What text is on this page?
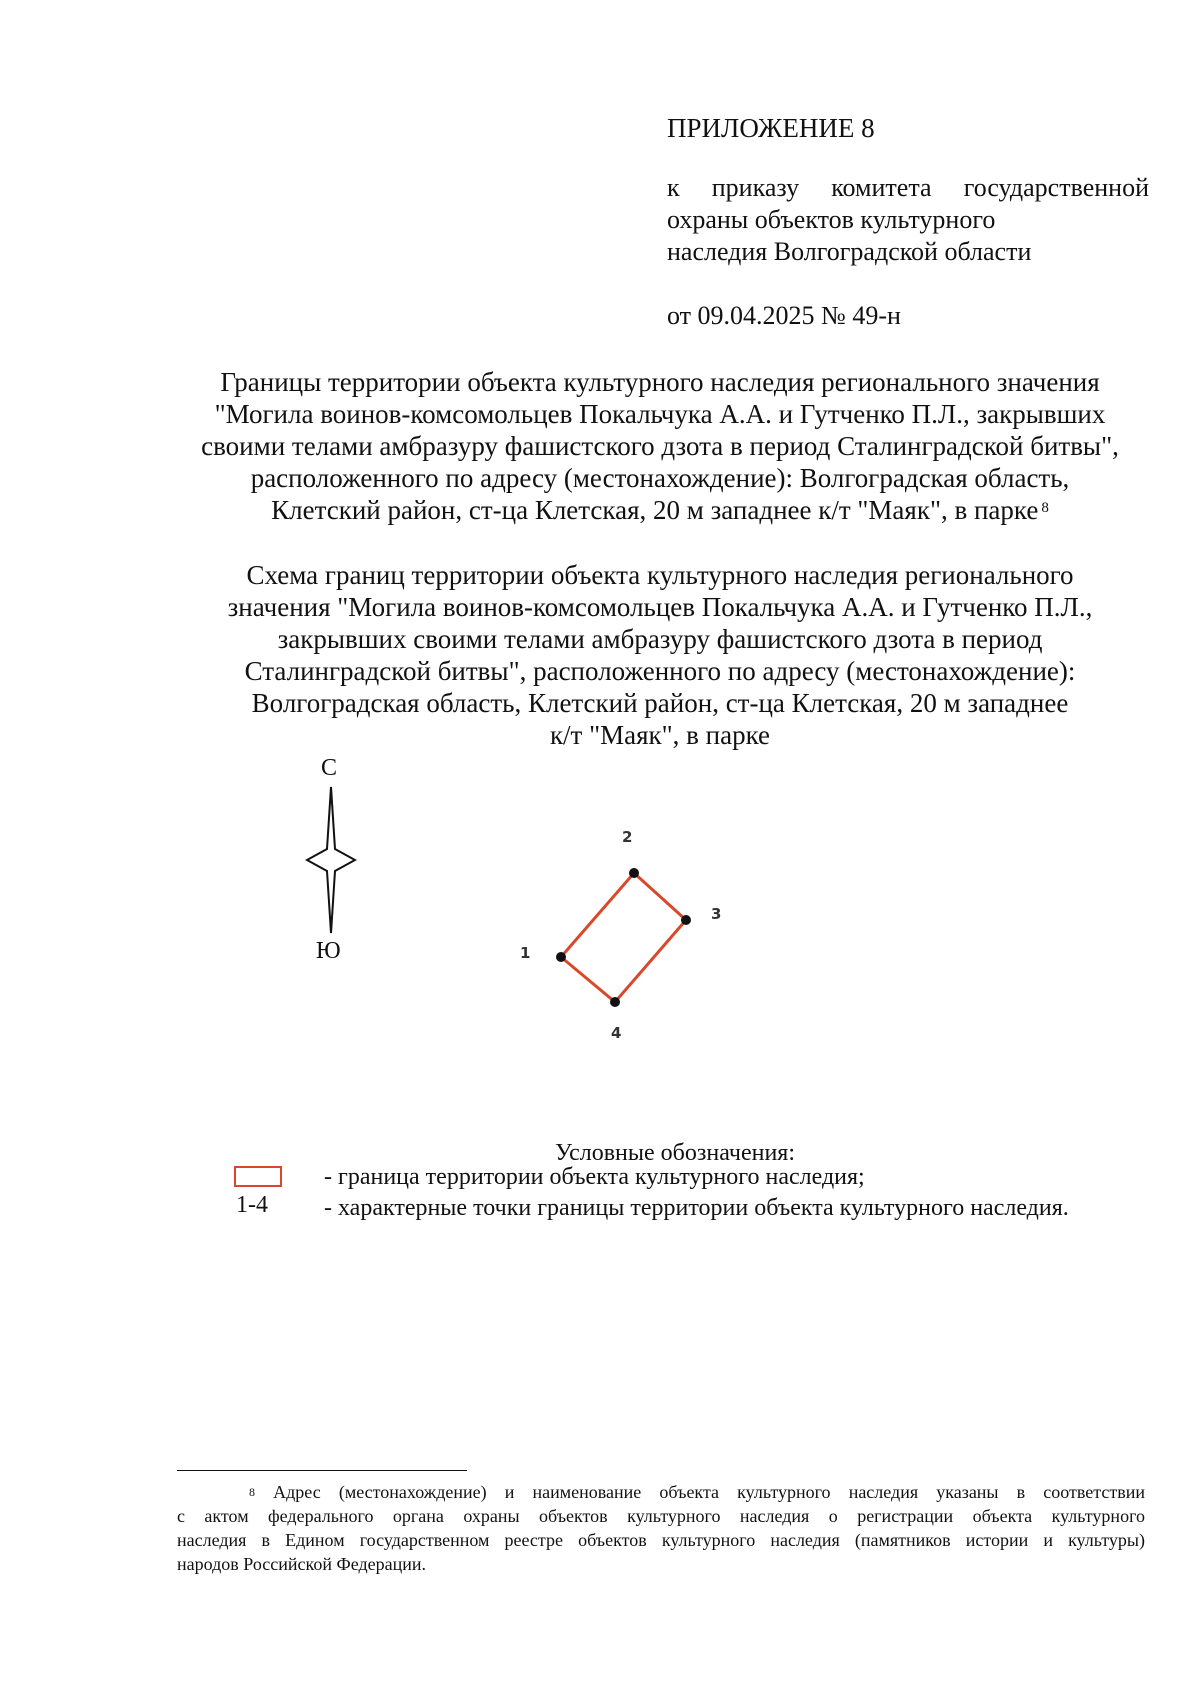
ПРИЛОЖЕНИЕ 8
к приказу комитета государственной
охраны объектов культурного
наследия Волгоградской области
от 09.04.2025 № 49-н
Границы территории объекта культурного наследия регионального значения
"Могила воинов-комсомольцев Покальчука А.А. и Гутченко П.Л., закрывших
своими телами амбразуру фашистского дзота в период Сталинградской битвы",
расположенного по адресу (местонахождение): Волгоградская область,
Клетский район, ст-ца Клетская, 20 м западнее к/т "Маяк", в парке $^8$
Схема границ территории объекта культурного наследия регионального
значения "Могила воинов-комсомольцев Покальчука А.А. и Гутченко П.Л.,
закрывших своими телами амбразуру фашистского дзота в период
Сталинградской битвы", расположенного по адресу (местонахождение):
Волгоградская область, Клетский район, ст-ца Клетская, 20 м западнее
к/т "Маяк", в парке
С
Ю	1
2
3
4
Условные обозначения:
- граница территории объекта культурного наследия;
1-4 - характерные точки границы территории объекта культурного наследия.
$^8$ Адрес (местонахождение) и наименование объекта культурного наследия указаны в соответствии
с актом федерального органа охраны объектов культурного наследия о регистрации объекта культурного
наследия в Едином государственном реестре объектов культурного наследия (памятников истории и культуры)
народов Российской Федерации.
